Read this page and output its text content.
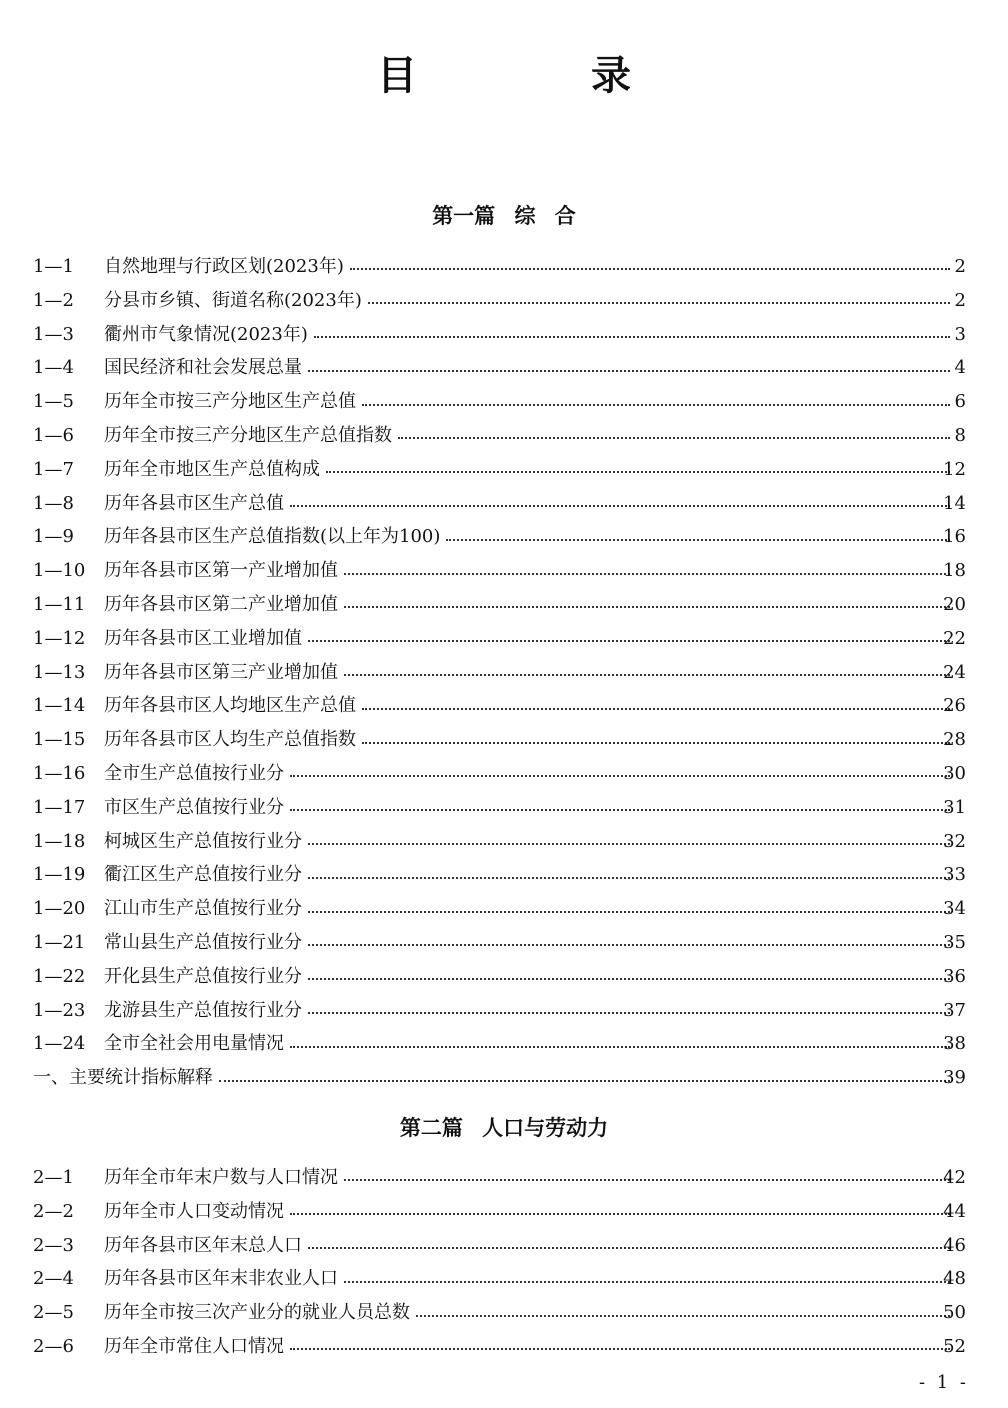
目 录
第一篇 综 合
1—1 自然地理与行政区划(2023年)	2
1—2 分县市乡镇、街道名称(2023年)	2
1—3 衢州市气象情况(2023年)	3
1—4 国民经济和社会发展总量	4
1—5 历年全市按三产分地区生产总值	6
1—6 历年全市按三产分地区生产总值指数	8
1—7 历年全市地区生产总值构成	12
1—8 历年各县市区生产总值	14
1—9 历年各县市区生产总值指数(以上年为100)	16
1—10 历年各县市区第一产业增加值	18
1—11 历年各县市区第二产业增加值	20
1—12 历年各县市区工业增加值	22
1—13 历年各县市区第三产业增加值	24
1—14 历年各县市区人均地区生产总值	26
1—15 历年各县市区人均生产总值指数	28
1—16 全市生产总值按行业分	30
1—17 市区生产总值按行业分	31
1—18 柯城区生产总值按行业分	32
1—19 衢江区生产总值按行业分	33
1—20 江山市生产总值按行业分	34
1—21 常山县生产总值按行业分	35
1—22 开化县生产总值按行业分	36
1—23 龙游县生产总值按行业分	37
1—24 全市全社会用电量情况	38
一、主要统计指标解释	39
第二篇 人口与劳动力
2—1 历年全市年末户数与人口情况	42
2—2 历年全市人口变动情况	44
2—3 历年各县市区年末总人口	46
2—4 历年各县市区年末非农业人口	48
2—5 历年全市按三次产业分的就业人员总数	50
2—6 历年全市常住人口情况	52
- 1 -
